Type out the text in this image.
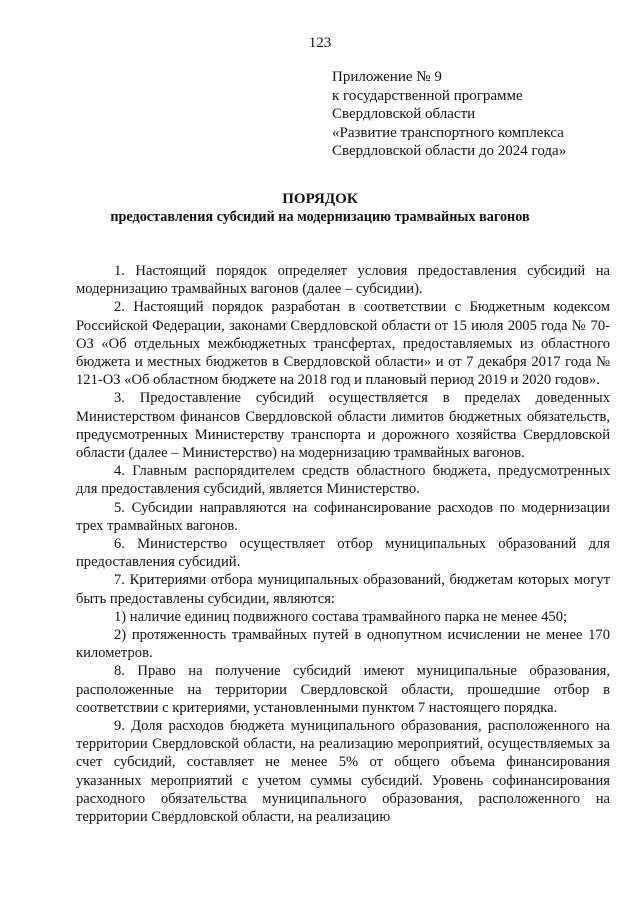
123
Приложение № 9
к государственной программе
Свердловской области
«Развитие транспортного комплекса
Свердловской области до 2024 года»
ПОРЯДОК
предоставления субсидий на модернизацию трамвайных вагонов

1. Настоящий порядок определяет условия предоставления субсидий на модернизацию трамвайных вагонов (далее – субсидии).

2. Настоящий порядок разработан в соответствии с Бюджетным кодексом Российской Федерации, законами Свердловской области от 15 июля 2005 года № 70-ОЗ «Об отдельных межбюджетных трансфертах, предоставляемых из областного бюджета и местных бюджетов в Свердловской области» и от 7 декабря 2017 года № 121-ОЗ «Об областном бюджете на 2018 год и плановый период 2019 и 2020 годов».

3. Предоставление субсидий осуществляется в пределах доведенных Министерством финансов Свердловской области лимитов бюджетных обязательств, предусмотренных Министерству транспорта и дорожного хозяйства Свердловской области (далее – Министерство) на модернизацию трамвайных вагонов.

4. Главным распорядителем средств областного бюджета, предусмотренных для предоставления субсидий, является Министерство.

5. Субсидии направляются на софинансирование расходов по модернизации трех трамвайных вагонов.

6. Министерство осуществляет отбор муниципальных образований для предоставления субсидий.

7. Критериями отбора муниципальных образований, бюджетам которых могут быть предоставлены субсидии, являются:

1) наличие единиц подвижного состава трамвайного парка не менее 450;

2) протяженность трамвайных путей в однопутном исчислении не менее 170 километров.

8. Право на получение субсидий имеют муниципальные образования, расположенные на территории Свердловской области, прошедшие отбор в соответствии с критериями, установленными пунктом 7 настоящего порядка.

9. Доля расходов бюджета муниципального образования, расположенного на территории Свердловской области, на реализацию мероприятий, осуществляемых за счет субсидий, составляет не менее 5% от общего объема финансирования указанных мероприятий с учетом суммы субсидий. Уровень софинансирования расходного обязательства муниципального образования, расположенного на территории Свердловской области, на реализацию
